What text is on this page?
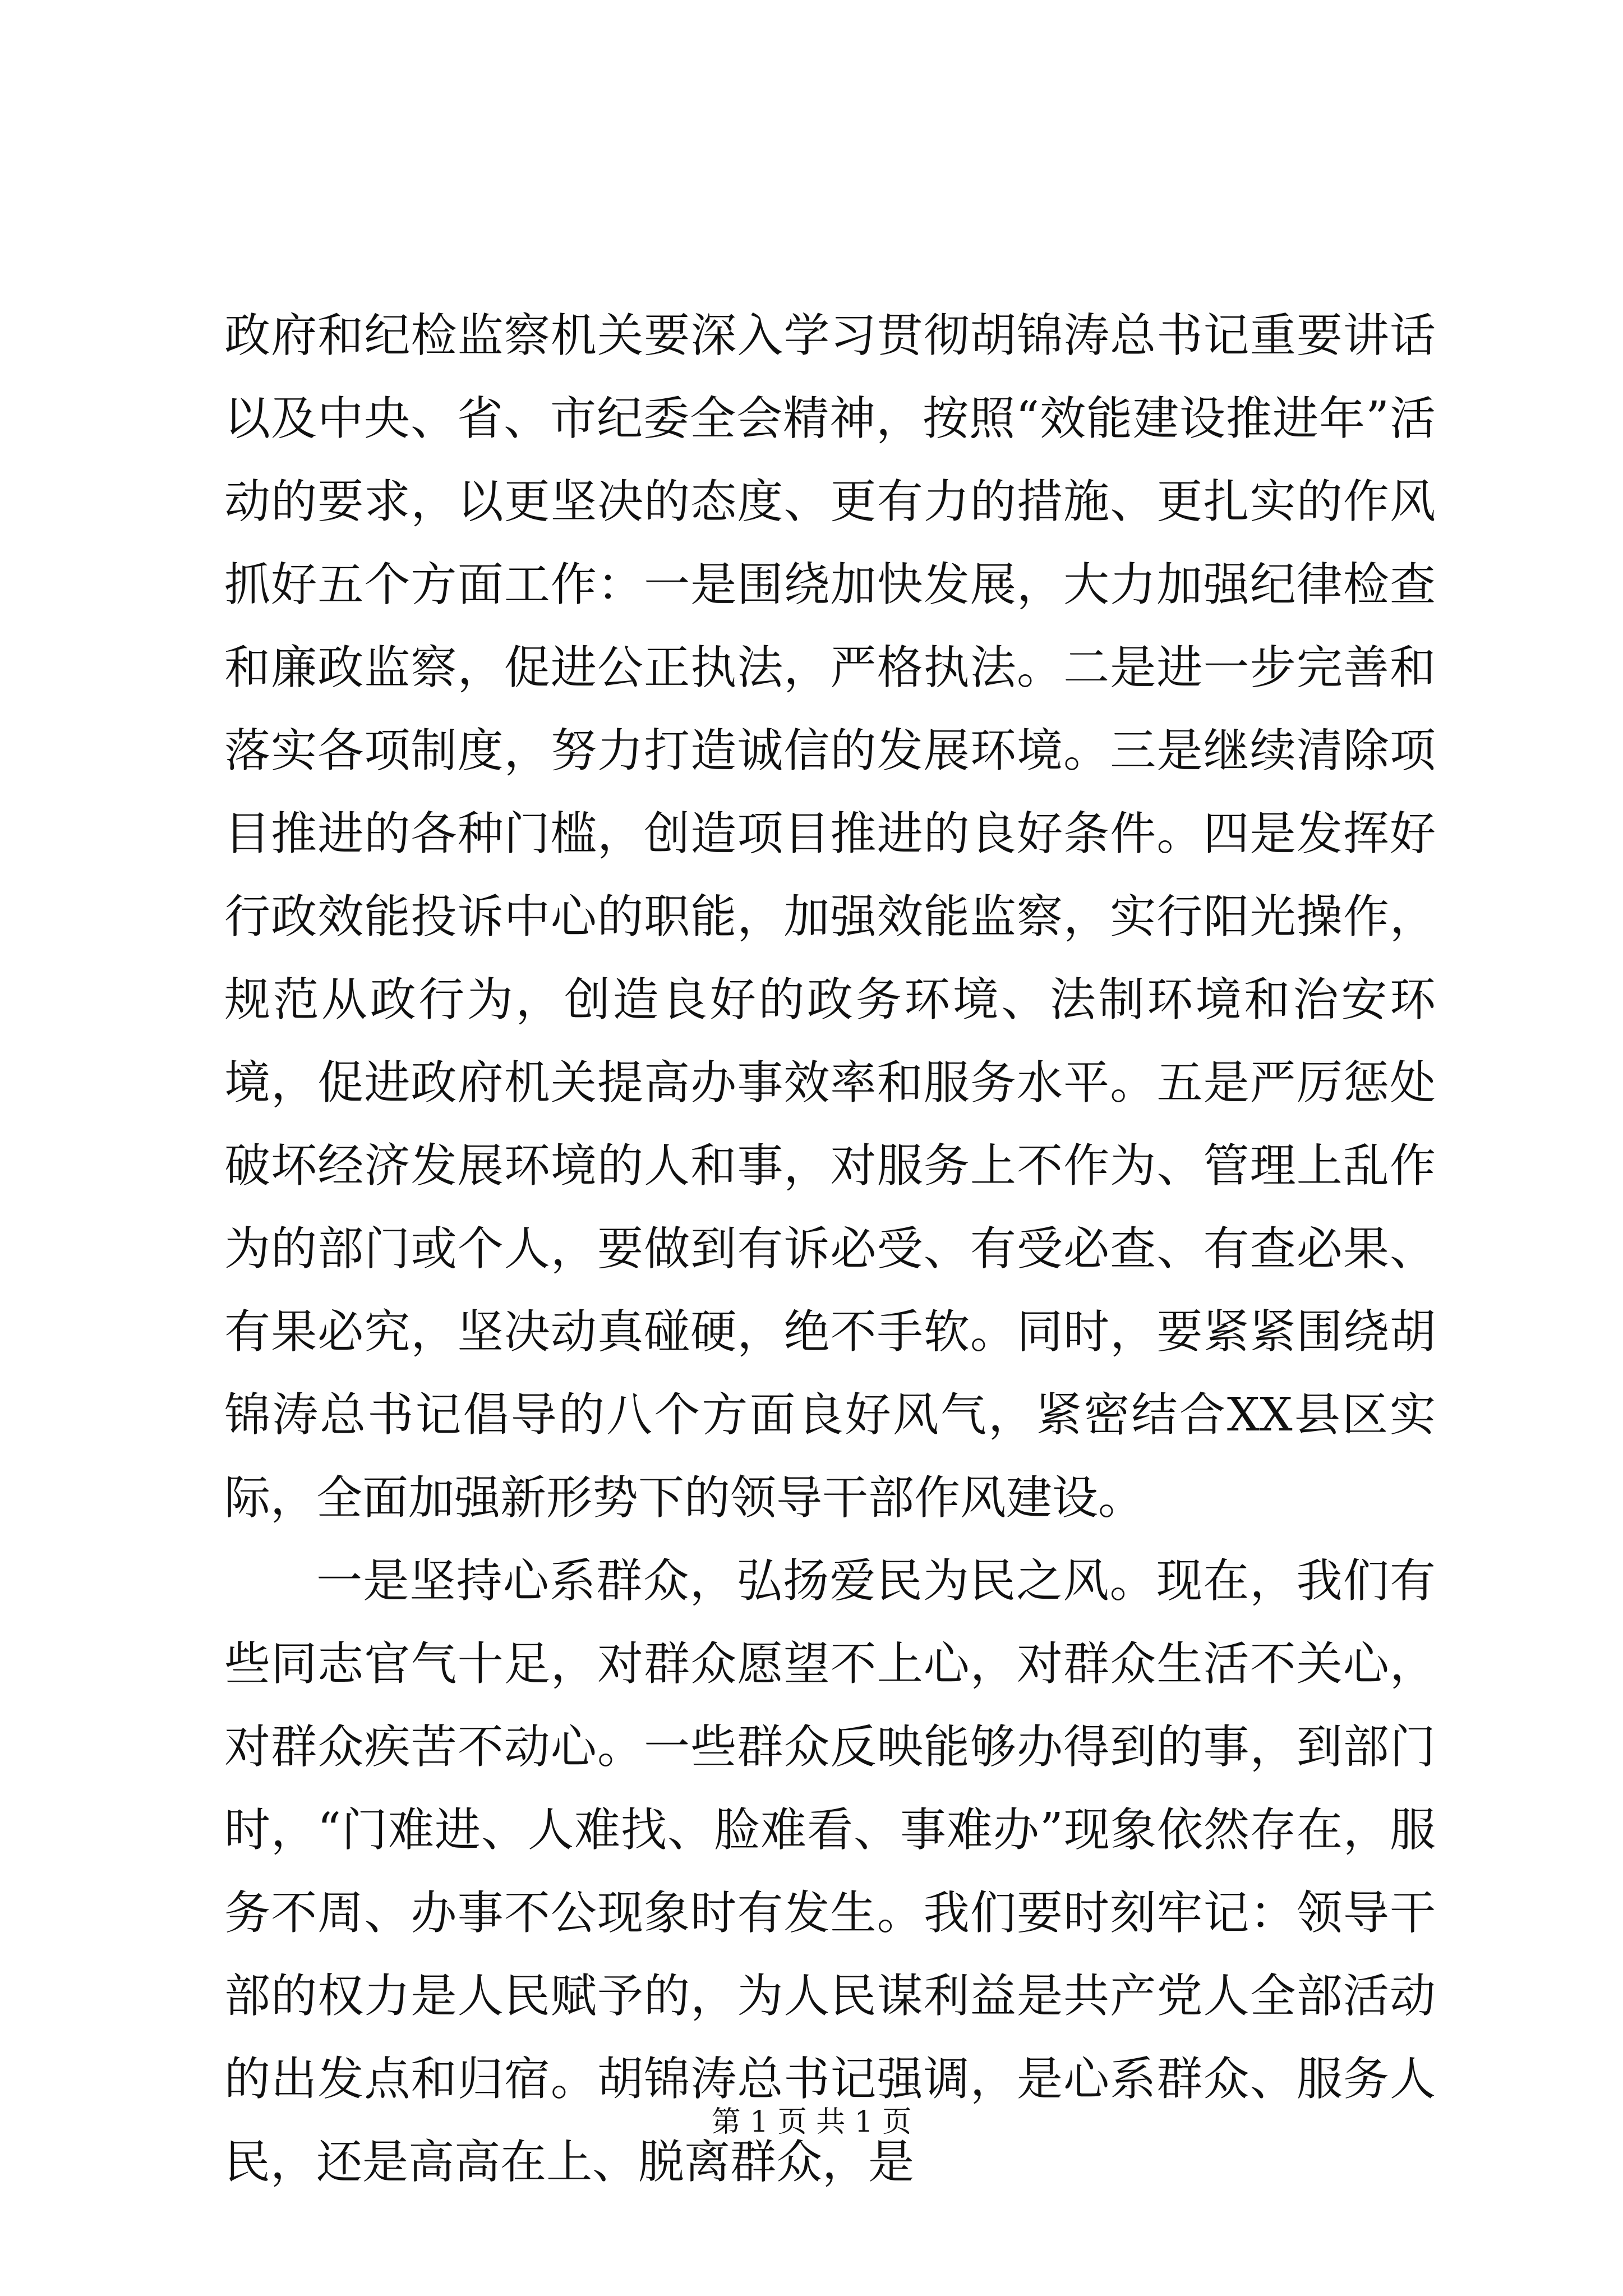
政府和纪检监察机关要深入学习贯彻胡锦涛总书记重要讲话以及中央、省、市纪委全会精神，按照“效能建设推进年”活动的要求，以更坚决的态度、更有力的措施、更扎实的作风抓好五个方面工作：一是围绕加快发展，大力加强纪律检查和廉政监察，促进公正执法，严格执法。二是进一步完善和落实各项制度，努力打造诚信的发展环境。三是继续清除项目推进的各种门槛，创造项目推进的良好条件。四是发挥好行政效能投诉中心的职能，加强效能监察，实行阳光操作，规范从政行为，创造良好的政务环境、法制环境和治安环境，促进政府机关提高办事效率和服务水平。五是严厉惩处破坏经济发展环境的人和事，对服务上不作为、管理上乱作为的部门或个人，要做到有诉必受、有受必查、有查必果、有果必究，坚决动真碰硬，绝不手软。同时，要紧紧围绕胡锦涛总书记倡导的八个方面良好风气，紧密结合XX县区实际，全面加强新形势下的领导干部作风建设。

一是坚持心系群众，弘扬爱民为民之风。现在，我们有些同志官气十足，对群众愿望不上心，对群众生活不关心，对群众疾苦不动心。一些群众反映能够办得到的事，到部门时，“门难进、人难找、脸难看、事难办”现象依然存在，服务不周、办事不公现象时有发生。我们要时刻牢记：领导干部的权力是人民赋予的，为人民谋利益是共产党人全部活动的出发点和归宿。胡锦涛总书记强调，是心系群众、服务人民，还是高高在上、脱离群众，是

第 1 页 共 1 页
